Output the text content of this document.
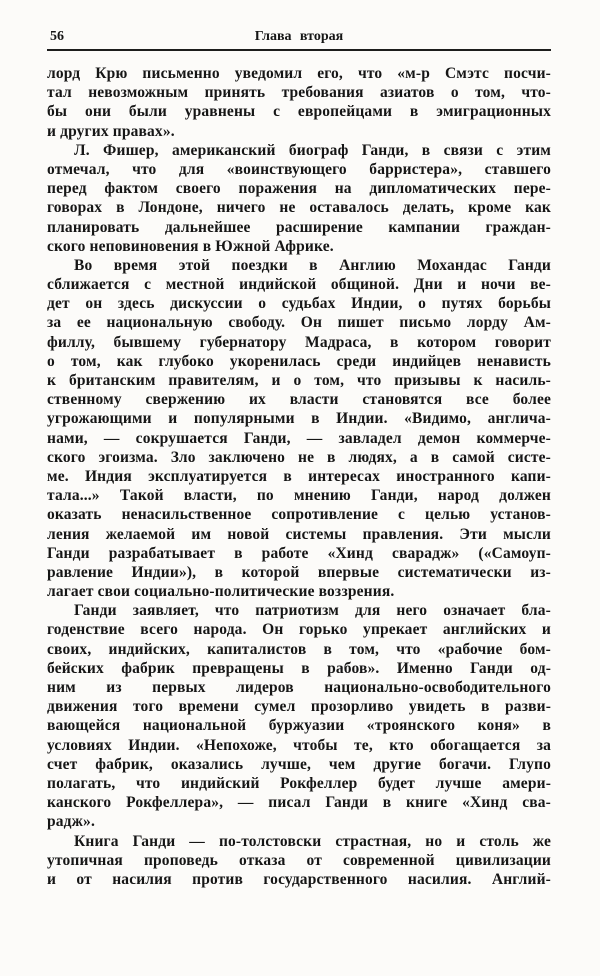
56	Глава вторая
лорд Крю письменно уведомил его, что «м-р Смэтс посчи-
тал невозможным принять требования азиатов о том, что-
бы они были уравнены с европейцами в эмиграционных
и других правах».
Л. Фишер, американский биограф Ганди, в связи с этим
отмечал, что для «воинствующего барристера», ставшего
перед фактом своего поражения на дипломатических пере-
говорах в Лондоне, ничего не оставалось делать, кроме как
планировать дальнейшее расширение кампании граждан-
ского неповиновения в Южной Африке.
Во время этой поездки в Англию Мохандас Ганди
сближается с местной индийской общиной. Дни и ночи ве-
дет он здесь дискуссии о судьбах Индии, о путях борьбы
за ее национальную свободу. Он пишет письмо лорду Ам-
филлу, бывшему губернатору Мадраса, в котором говорит
о том, как глубоко укоренилась среди индийцев ненависть
к британским правителям, и о том, что призывы к насиль-
ственному свержению их власти становятся все более
угрожающими и популярными в Индии. «Видимо, англича-
нами, — сокрушается Ганди, — завладел демон коммерче-
ского эгоизма. Зло заключено не в людях, а в самой систе-
ме. Индия эксплуатируется в интересах иностранного капи-
тала...» Такой власти, по мнению Ганди, народ должен
оказать ненасильственное сопротивление с целью установ-
ления желаемой им новой системы правления. Эти мысли
Ганди разрабатывает в работе «Хинд сварадж» («Самоуп-
равление Индии»), в которой впервые систематически из-
лагает свои социально-политические воззрения.
Ганди заявляет, что патриотизм для него означает бла-
годенствие всего народа. Он горько упрекает английских и
своих, индийских, капиталистов в том, что «рабочие бом-
бейских фабрик превращены в рабов». Именно Ганди од-
ним из первых лидеров национально-освободительного
движения того времени сумел прозорливо увидеть в разви-
вающейся национальной буржуазии «троянского коня» в
условиях Индии. «Непохоже, чтобы те, кто обогащается за
счет фабрик, оказались лучше, чем другие богачи. Глупо
полагать, что индийский Рокфеллер будет лучше амери-
канского Рокфеллера», — писал Ганди в книге «Хинд сва-
радж».
Книга Ганди — по-толстовски страстная, но и столь же
утопичная проповедь отказа от современной цивилизации
и от насилия против государственного насилия. Англий-
